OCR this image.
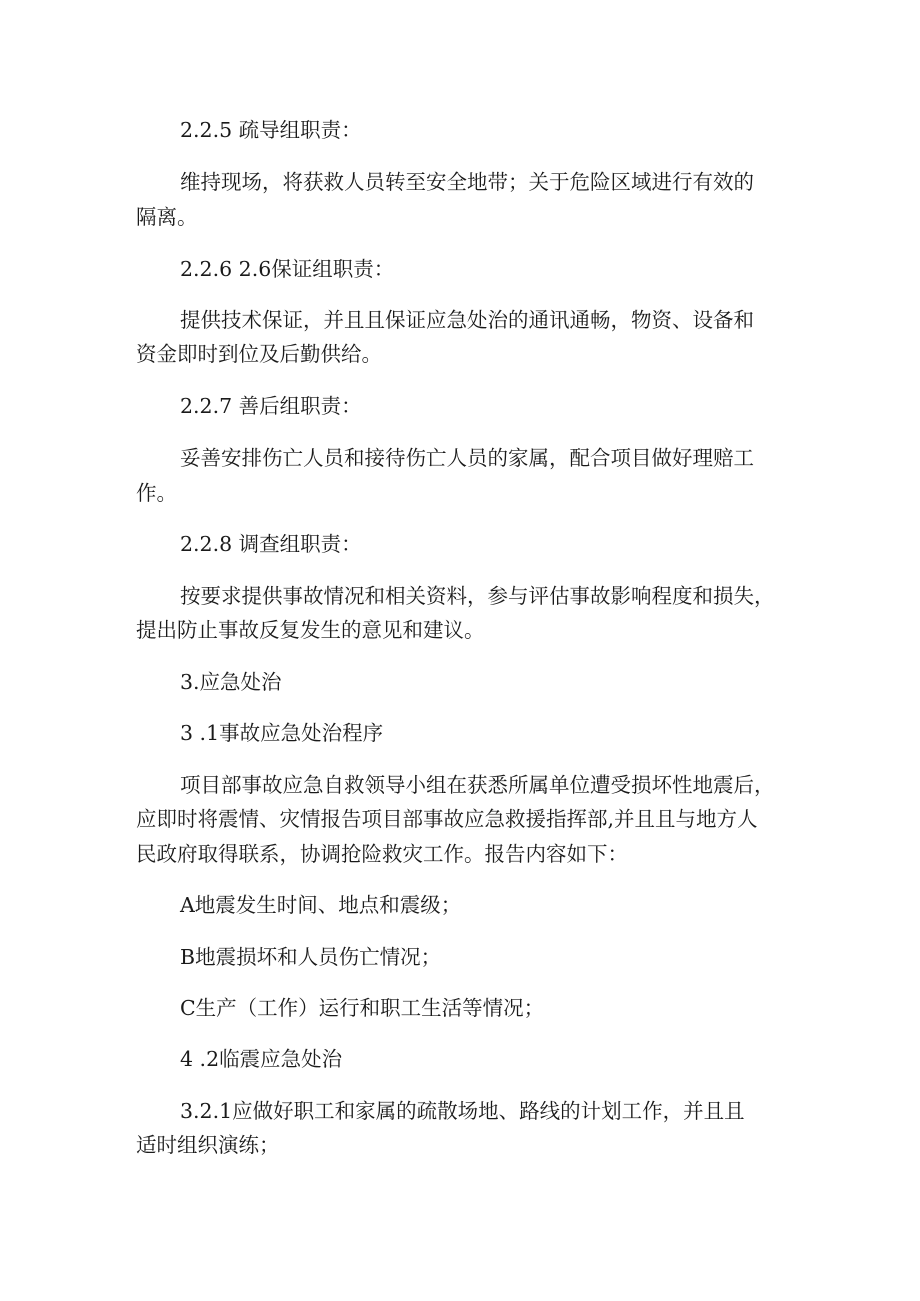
2.2.5 疏导组职责：
维持现场，将获救人员转至安全地带；关于危险区域进行有效的
隔离。
2.2.6 2.6保证组职责：
提供技术保证，并且且保证应急处治的通讯通畅，物资、设备和
资金即时到位及后勤供给。
2.2.7 善后组职责：
妥善安排伤亡人员和接待伤亡人员的家属，配合项目做好理赔工
作。
2.2.8 调查组职责：
按要求提供事故情况和相关资料，参与评估事故影响程度和损失，
提出防止事故反复发生的意见和建议。
3.应急处治
3 .1事故应急处治程序
项目部事故应急自救领导小组在获悉所属单位遭受损坏性地震后，
应即时将震情、灾情报告项目部事故应急救援指挥部,并且且与地方人
民政府取得联系，协调抢险救灾工作。报告内容如下：
A地震发生时间、地点和震级；
B地震损坏和人员伤亡情况；
C生产（工作）运行和职工生活等情况；
4 .2临震应急处治
3.2.1应做好职工和家属的疏散场地、路线的计划工作，并且且
适时组织演练；
